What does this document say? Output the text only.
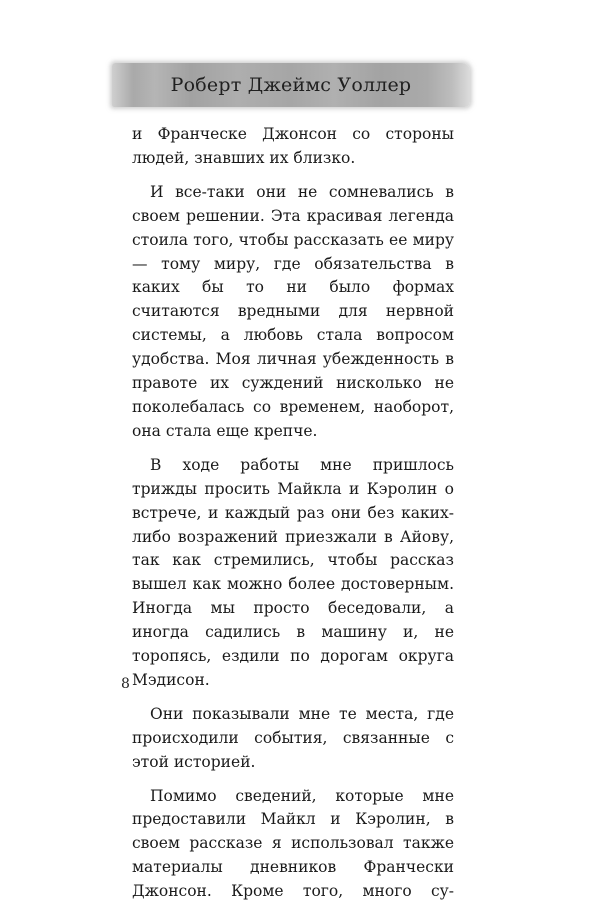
Роберт Джеймс Уоллер

и Франческе Джонсон со стороны людей, знавших их близко.

И все-таки они не сомневались в своем решении. Эта красивая легенда стоила того, чтобы рассказать ее миру — тому миру, где обязательства в каких бы то ни было формах считаются вредными для нервной системы, а любовь стала вопросом удобства. Моя личная убежденность в правоте их суждений нисколько не поколебалась со временем, наоборот, она стала еще крепче.

В ходе работы мне пришлось трижды просить Майкла и Кэролин о встрече, и каждый раз они без каких-либо возражений приезжали в Айову, так как стремились, чтобы рассказ вышел как можно более достоверным. Иногда мы просто беседовали, а иногда садились в машину и, не торопясь, ездили по дорогам округа Мэдисон.

Они показывали мне те места, где происходили события, связанные с этой историей.

Помимо сведений, которые мне предоставили Майкл и Кэролин, в своем рассказе я использовал также материалы дневников Франчески Джонсон. Кроме того, много су-

8
